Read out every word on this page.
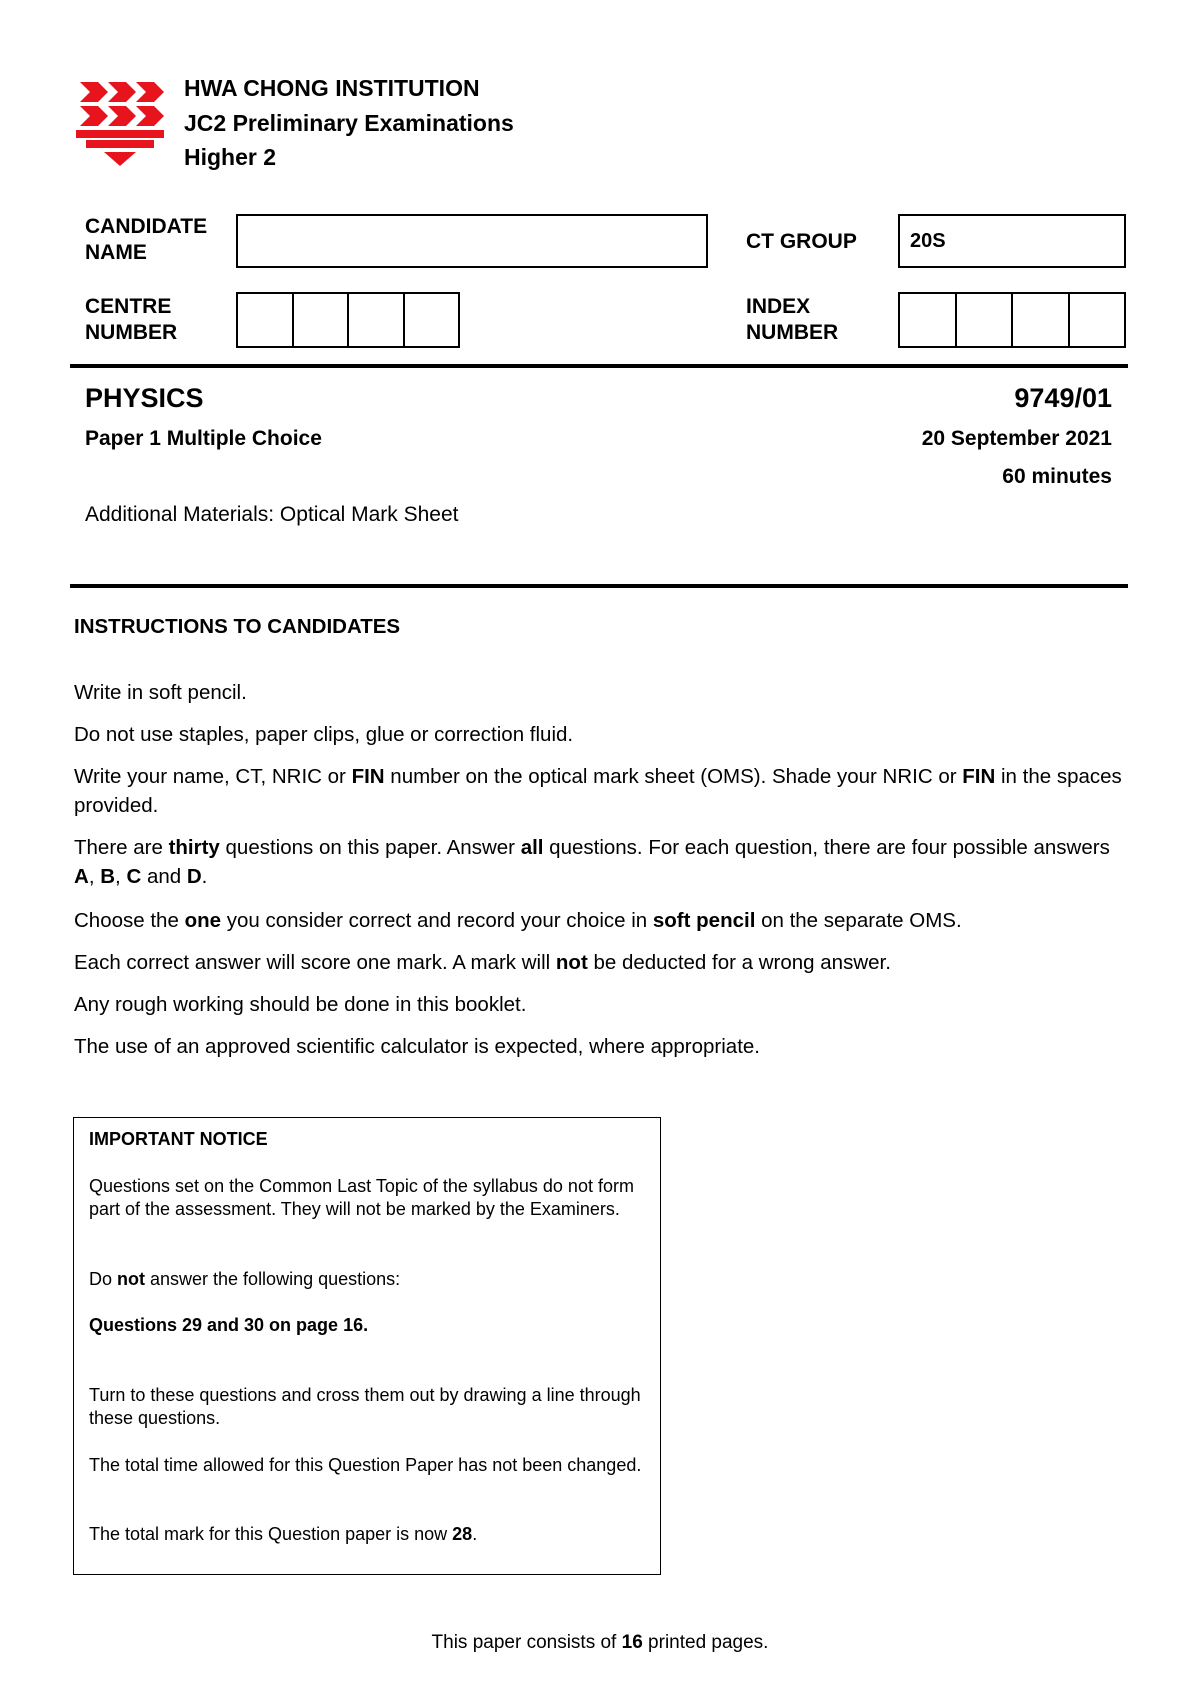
HWA CHONG INSTITUTION
JC2 Preliminary Examinations
Higher 2
CANDIDATE
NAME	CT GROUP	20S
CENTRE
NUMBER
INDEX
NUMBER
PHYSICS	9749/01
Paper 1 Multiple Choice	20 September 2021
60 minutes
Additional Materials: Optical Mark Sheet
INSTRUCTIONS TO CANDIDATES
Write in soft pencil.
Do not use staples, paper clips, glue or correction fluid.
Write your name, CT, NRIC or FIN number on the optical mark sheet (OMS). Shade your NRIC or FIN in the spaces provided.
There are thirty questions on this paper. Answer all questions. For each question, there are four possible answers A, B, C and D.
Choose the one you consider correct and record your choice in soft pencil on the separate OMS.
Each correct answer will score one mark. A mark will not be deducted for a wrong answer.
Any rough working should be done in this booklet.
The use of an approved scientific calculator is expected, where appropriate.
IMPORTANT NOTICE
Questions set on the Common Last Topic of the syllabus do not form part of the assessment. They will not be marked by the Examiners.
Do not answer the following questions:
Questions 29 and 30 on page 16.
Turn to these questions and cross them out by drawing a line through these questions.
The total time allowed for this Question Paper has not been changed.
The total mark for this Question paper is now 28.
This paper consists of 16 printed pages.
